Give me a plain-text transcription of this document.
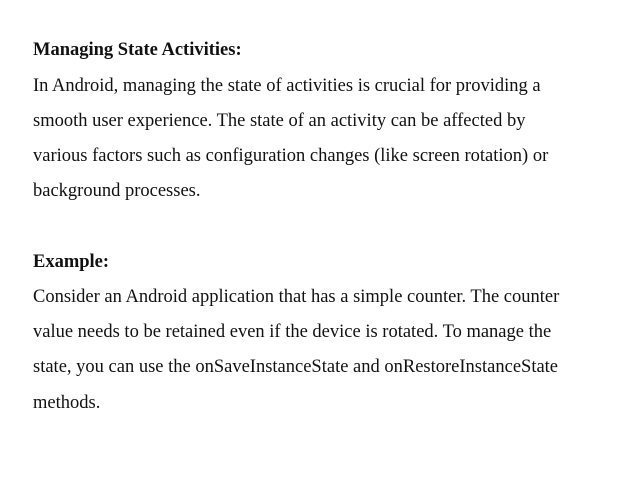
Managing State Activities:

In Android, managing the state of activities is crucial for providing a

smooth user experience. The state of an activity can be affected by

various factors such as configuration changes (like screen rotation) or

background processes.

Example:

Consider an Android application that has a simple counter. The counter

value needs to be retained even if the device is rotated. To manage the

state, you can use the onSaveInstanceState and onRestoreInstanceState

methods.
